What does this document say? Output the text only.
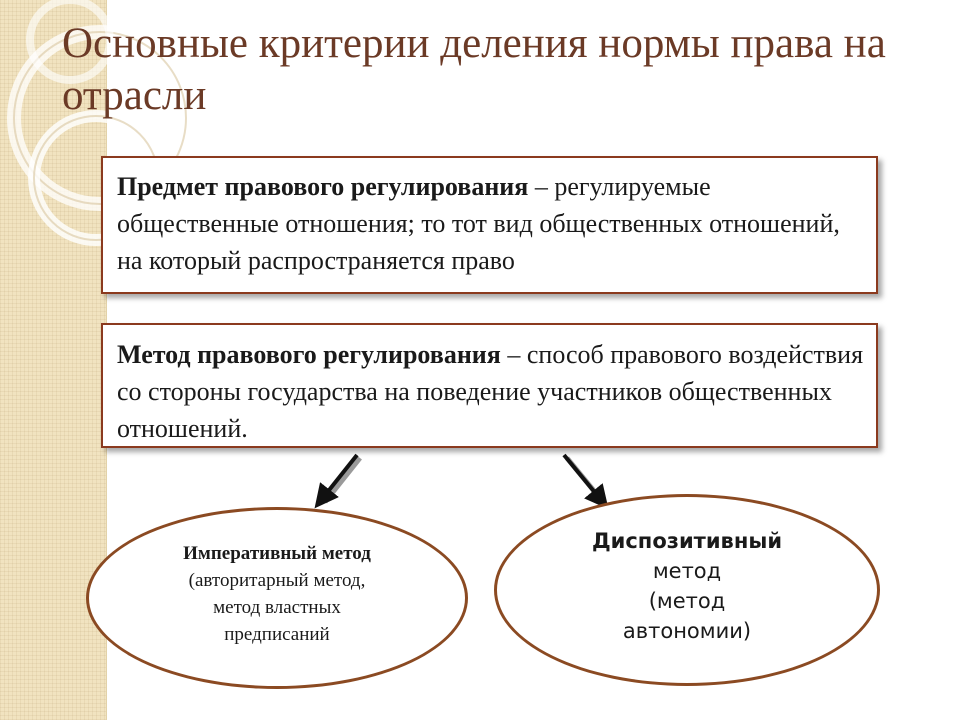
Основные критерии деления нормы права на отрасли
Предмет правового регулирования – регулируемые общественные отношения; то тот вид общественных отношений, на который распространяется право
Метод правового регулирования – способ правового воздействия со стороны государства на поведение участников общественных отношений.
Императивный метод
(авторитарный метод,
метод властных
предписаний
Диспозитивный
метод
(метод
автономии)
